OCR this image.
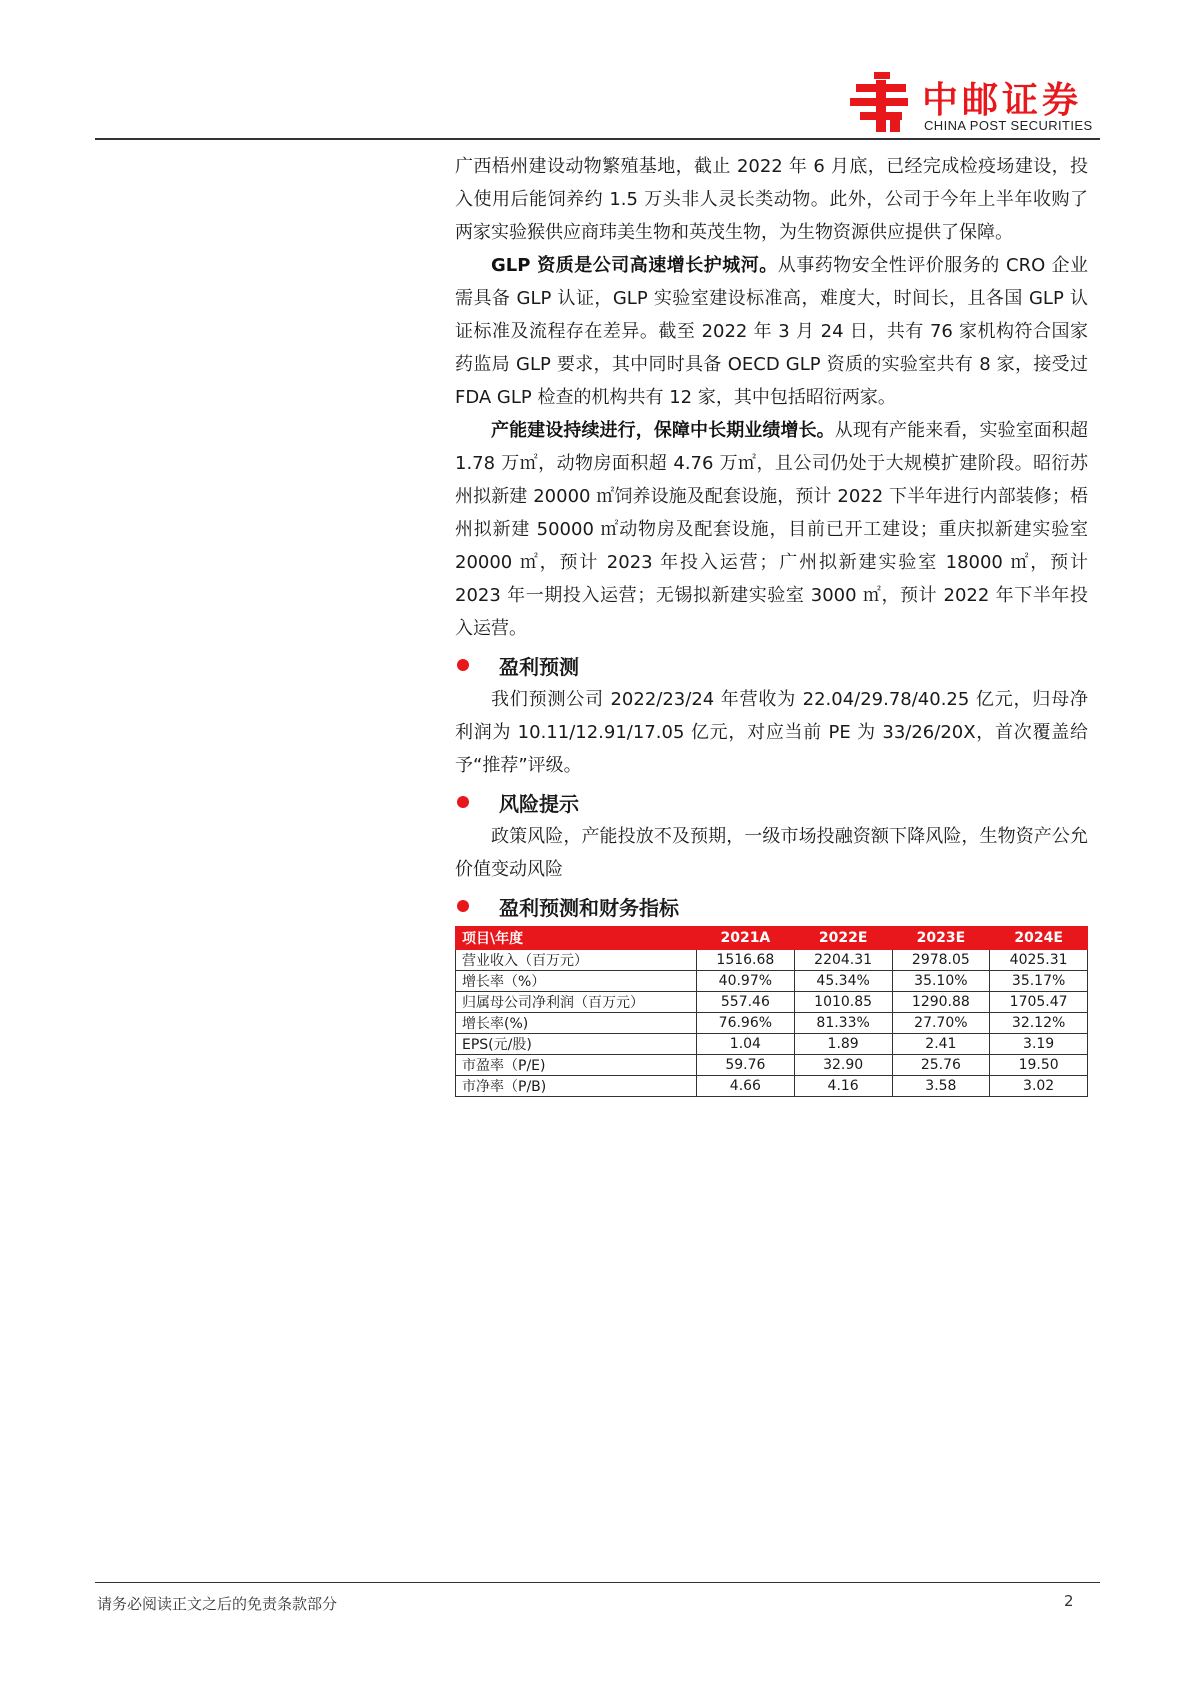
中邮证券
CHINA POST SECURITIES

广西梧州建设动物繁殖基地，截止 2022 年 6 月底，已经完成检疫场建设，投入使用后能饲养约 1.5 万头非人灵长类动物。此外，公司于今年上半年收购了两家实验猴供应商玮美生物和英茂生物，为生物资源供应提供了保障。

GLP 资质是公司高速增长护城河。从事药物安全性评价服务的 CRO 企业需具备 GLP 认证，GLP 实验室建设标准高，难度大，时间长，且各国 GLP 认证标准及流程存在差异。截至 2022 年 3 月 24 日，共有 76 家机构符合国家药监局 GLP 要求，其中同时具备 OECD GLP 资质的实验室共有 8 家，接受过 FDA GLP 检查的机构共有 12 家，其中包括昭衍两家。

产能建设持续进行，保障中长期业绩增长。从现有产能来看，实验室面积超 1.78 万㎡，动物房面积超 4.76 万㎡，且公司仍处于大规模扩建阶段。昭衍苏州拟新建 20000 ㎡饲养设施及配套设施，预计 2022 下半年进行内部装修；梧州拟新建 50000 ㎡动物房及配套设施，目前已开工建设；重庆拟新建实验室 20000 ㎡，预计 2023 年投入运营；广州拟新建实验室 18000 ㎡，预计 2023 年一期投入运营；无锡拟新建实验室 3000 ㎡，预计 2022 年下半年投入运营。

盈利预测

我们预测公司 2022/23/24 年营收为 22.04/29.78/40.25 亿元，归母净利润为 10.11/12.91/17.05 亿元，对应当前 PE 为 33/26/20X，首次覆盖给予“推荐”评级。

风险提示

政策风险，产能投放不及预期，一级市场投融资额下降风险，生物资产公允价值变动风险

盈利预测和财务指标
项目\年度	2021A	2022E	2023E	2024E
营业收入（百万元）	1516.68	2204.31	2978.05	4025.31
增长率（%）	40.97%	45.34%	35.10%	35.17%
归属母公司净利润（百万元）	557.46	1010.85	1290.88	1705.47
增长率(%)	76.96%	81.33%	27.70%	32.12%
EPS(元/股)	1.04	1.89	2.41	3.19
市盈率（P/E)	59.76	32.90	25.76	19.50
市净率（P/B)	4.66	4.16	3.58	3.02
请务必阅读正文之后的免责条款部分	2
